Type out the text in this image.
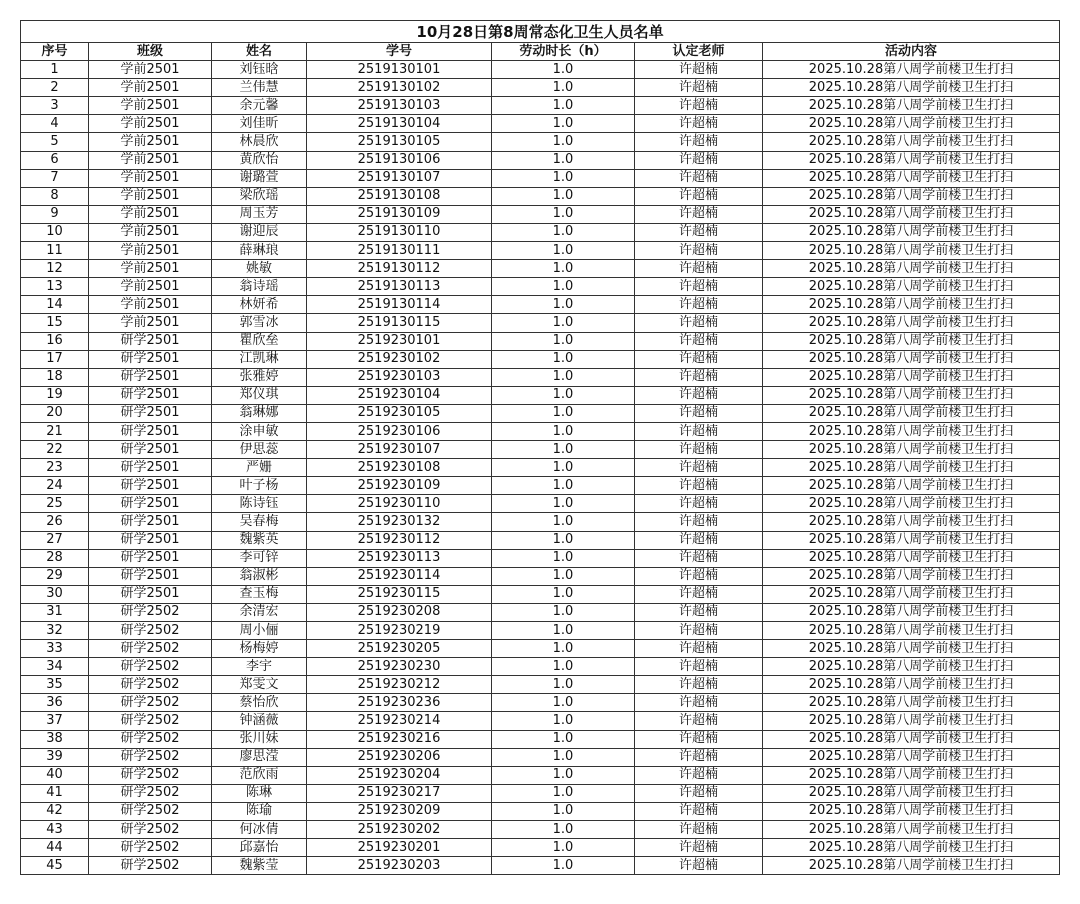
10月28日第8周常态化卫生人员名单						
序号	班级	姓名	学号	劳动时长（h）	认定老师	活动内容
1	学前2501	刘钰晗	2519130101	1.0	许超楠	2025.10.28第八周学前楼卫生打扫
2	学前2501	兰伟慧	2519130102	1.0	许超楠	2025.10.28第八周学前楼卫生打扫
3	学前2501	余元馨	2519130103	1.0	许超楠	2025.10.28第八周学前楼卫生打扫
4	学前2501	刘佳昕	2519130104	1.0	许超楠	2025.10.28第八周学前楼卫生打扫
5	学前2501	林晨欣	2519130105	1.0	许超楠	2025.10.28第八周学前楼卫生打扫
6	学前2501	黄欣怡	2519130106	1.0	许超楠	2025.10.28第八周学前楼卫生打扫
7	学前2501	谢璐萱	2519130107	1.0	许超楠	2025.10.28第八周学前楼卫生打扫
8	学前2501	梁欣瑶	2519130108	1.0	许超楠	2025.10.28第八周学前楼卫生打扫
9	学前2501	周玉芳	2519130109	1.0	许超楠	2025.10.28第八周学前楼卫生打扫
10	学前2501	谢迎辰	2519130110	1.0	许超楠	2025.10.28第八周学前楼卫生打扫
11	学前2501	薛琳琅	2519130111	1.0	许超楠	2025.10.28第八周学前楼卫生打扫
12	学前2501	姚敏	2519130112	1.0	许超楠	2025.10.28第八周学前楼卫生打扫
13	学前2501	翁诗瑶	2519130113	1.0	许超楠	2025.10.28第八周学前楼卫生打扫
14	学前2501	林妍希	2519130114	1.0	许超楠	2025.10.28第八周学前楼卫生打扫
15	学前2501	郭雪冰	2519130115	1.0	许超楠	2025.10.28第八周学前楼卫生打扫
16	研学2501	瞿欣垒	2519230101	1.0	许超楠	2025.10.28第八周学前楼卫生打扫
17	研学2501	江凯琳	2519230102	1.0	许超楠	2025.10.28第八周学前楼卫生打扫
18	研学2501	张雅婷	2519230103	1.0	许超楠	2025.10.28第八周学前楼卫生打扫
19	研学2501	郑仪琪	2519230104	1.0	许超楠	2025.10.28第八周学前楼卫生打扫
20	研学2501	翁琳娜	2519230105	1.0	许超楠	2025.10.28第八周学前楼卫生打扫
21	研学2501	涂申敏	2519230106	1.0	许超楠	2025.10.28第八周学前楼卫生打扫
22	研学2501	伊思蕊	2519230107	1.0	许超楠	2025.10.28第八周学前楼卫生打扫
23	研学2501	严姗	2519230108	1.0	许超楠	2025.10.28第八周学前楼卫生打扫
24	研学2501	叶子杨	2519230109	1.0	许超楠	2025.10.28第八周学前楼卫生打扫
25	研学2501	陈诗钰	2519230110	1.0	许超楠	2025.10.28第八周学前楼卫生打扫
26	研学2501	吴春梅	2519230132	1.0	许超楠	2025.10.28第八周学前楼卫生打扫
27	研学2501	魏紫英	2519230112	1.0	许超楠	2025.10.28第八周学前楼卫生打扫
28	研学2501	李可锌	2519230113	1.0	许超楠	2025.10.28第八周学前楼卫生打扫
29	研学2501	翁淑彬	2519230114	1.0	许超楠	2025.10.28第八周学前楼卫生打扫
30	研学2501	查玉梅	2519230115	1.0	许超楠	2025.10.28第八周学前楼卫生打扫
31	研学2502	余清宏	2519230208	1.0	许超楠	2025.10.28第八周学前楼卫生打扫
32	研学2502	周小俪	2519230219	1.0	许超楠	2025.10.28第八周学前楼卫生打扫
33	研学2502	杨梅婷	2519230205	1.0	许超楠	2025.10.28第八周学前楼卫生打扫
34	研学2502	李宇	2519230230	1.0	许超楠	2025.10.28第八周学前楼卫生打扫
35	研学2502	郑雯文	2519230212	1.0	许超楠	2025.10.28第八周学前楼卫生打扫
36	研学2502	蔡怡欣	2519230236	1.0	许超楠	2025.10.28第八周学前楼卫生打扫
37	研学2502	钟涵薇	2519230214	1.0	许超楠	2025.10.28第八周学前楼卫生打扫
38	研学2502	张川妹	2519230216	1.0	许超楠	2025.10.28第八周学前楼卫生打扫
39	研学2502	廖思滢	2519230206	1.0	许超楠	2025.10.28第八周学前楼卫生打扫
40	研学2502	范欣雨	2519230204	1.0	许超楠	2025.10.28第八周学前楼卫生打扫
41	研学2502	陈琳	2519230217	1.0	许超楠	2025.10.28第八周学前楼卫生打扫
42	研学2502	陈瑜	2519230209	1.0	许超楠	2025.10.28第八周学前楼卫生打扫
43	研学2502	何冰倩	2519230202	1.0	许超楠	2025.10.28第八周学前楼卫生打扫
44	研学2502	邱嘉怡	2519230201	1.0	许超楠	2025.10.28第八周学前楼卫生打扫
45	研学2502	魏紫莹	2519230203	1.0	许超楠	2025.10.28第八周学前楼卫生打扫
